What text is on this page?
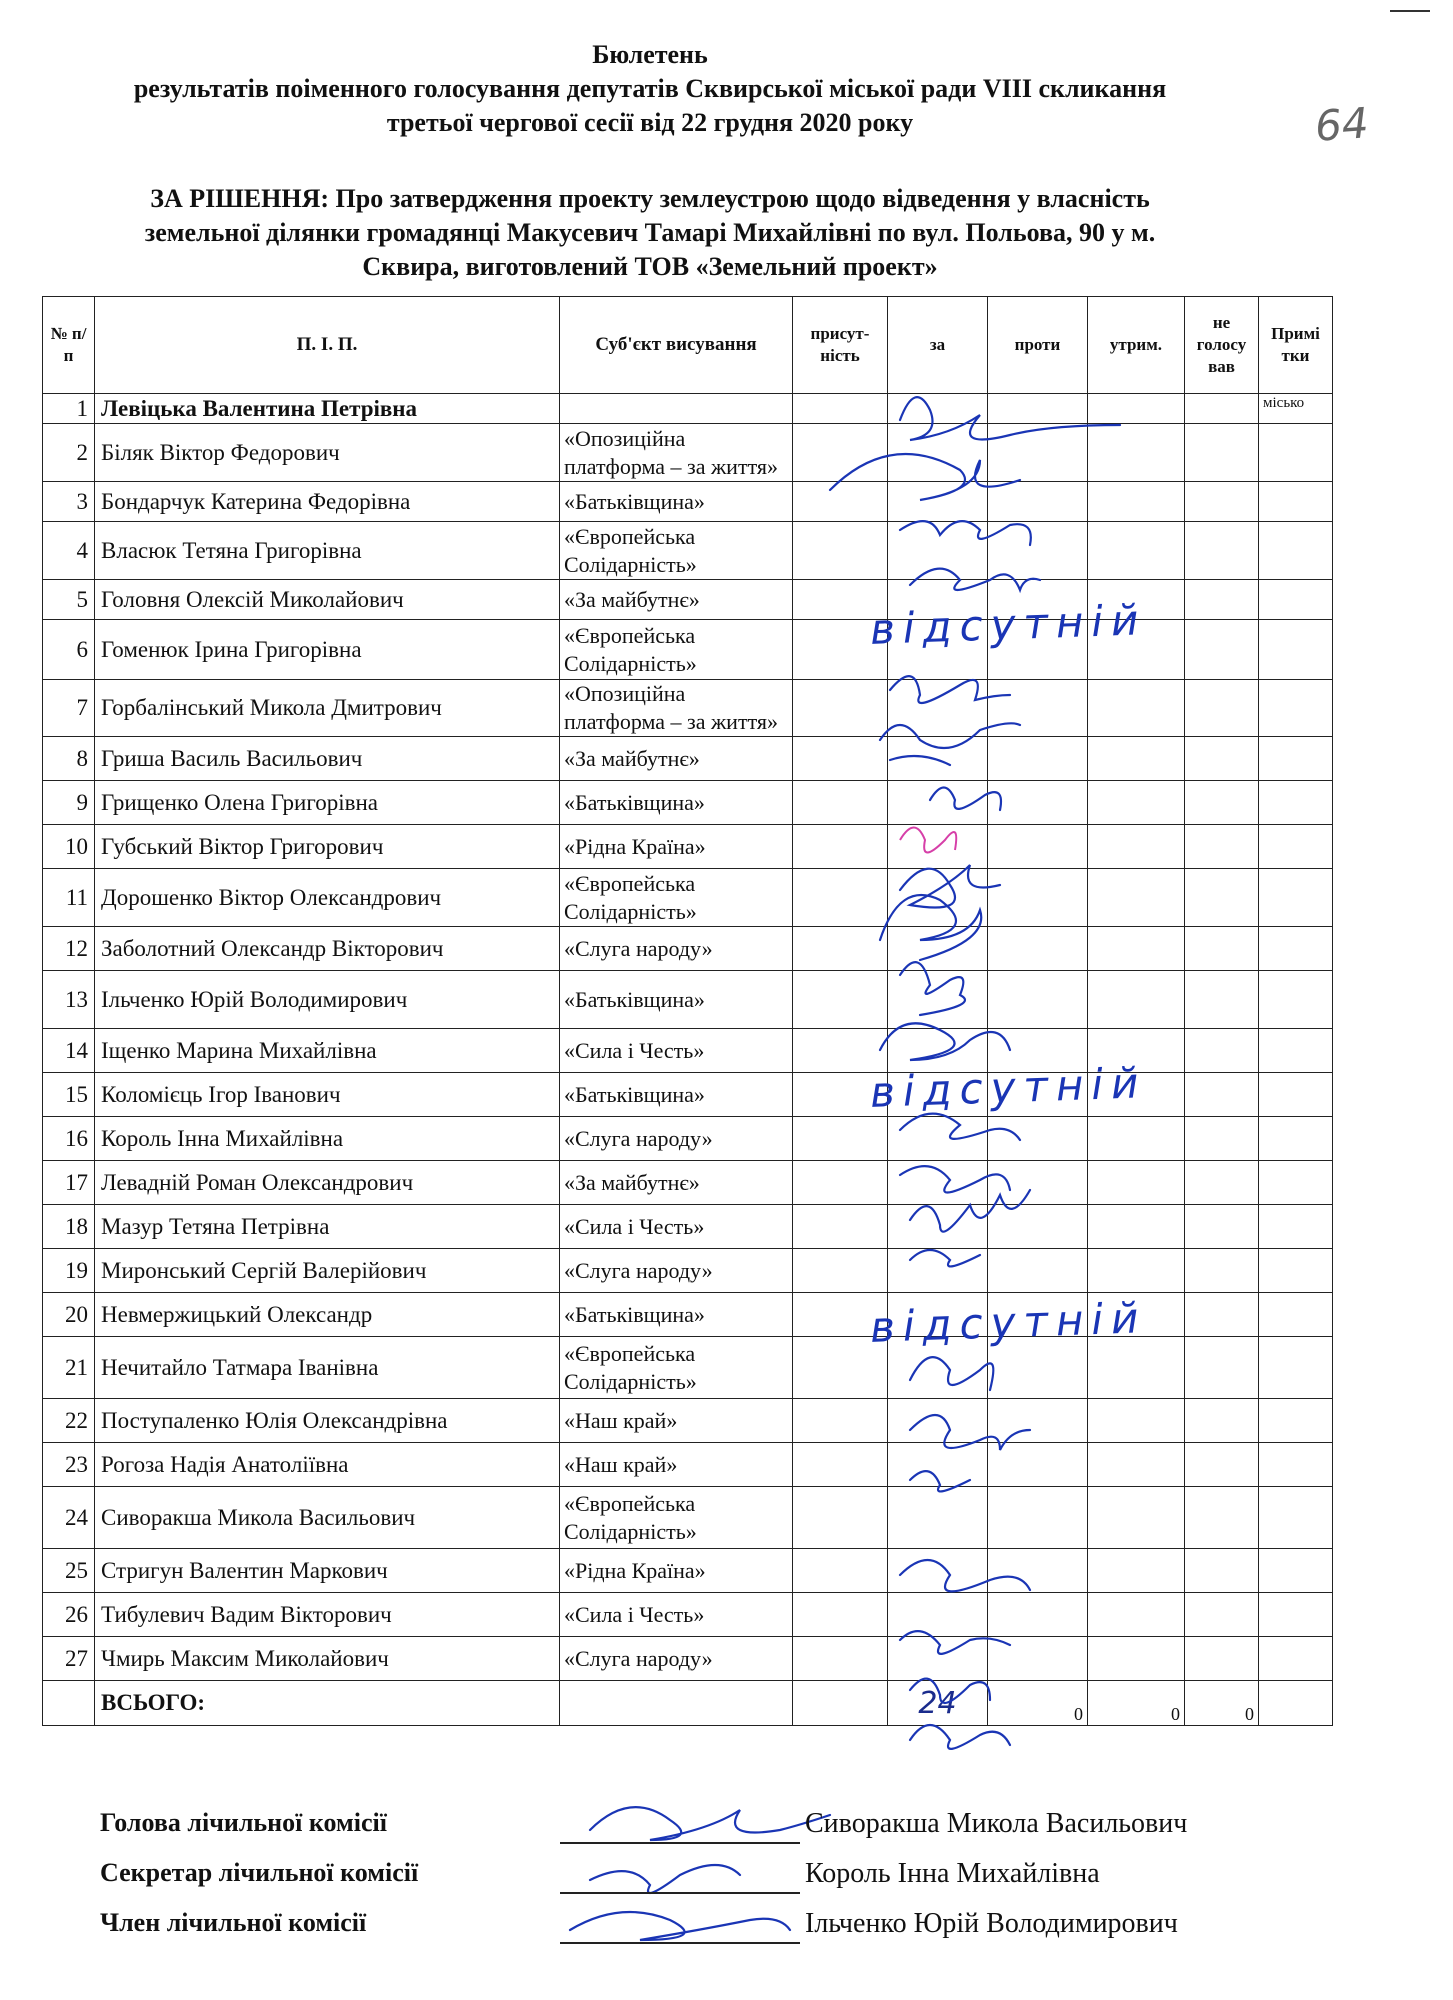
Бюлетень
результатів поіменного голосування депутатів Сквирської міської ради VIII скликання
третьої чергової сесії від 22 грудня 2020 року	64
ЗА РІШЕННЯ: Про затвердження проекту землеустрою щодо відведення у власність
земельної ділянки громадянці Макусевич Тамарі Михайлівні по вул. Польова, 90 у м.
Сквира, виготовлений ТОВ «Земельний проект»
№ п/п	П. І. П.	Суб'єкт висування	присут-ність	за	проти	утрим.	не голосу вав	Примі тки
1	Левіцька Валентина Петрівна							місько
2	Біляк Віктор Федорович	«Опозиційна платформа – за життя»						
3	Бондарчук Катерина Федорівна	«Батьківщина»						
4	Власюк Тетяна Григорівна	«Європейська Солідарність»						
5	Головня Олексій Миколайович	«За майбутнє»						
6	Гоменюк Ірина Григорівна	«Європейська Солідарність»						
7	Горбалінський Микола Дмитрович	«Опозиційна платформа – за життя»						
8	Гриша Василь Васильович	«За майбутнє»						
9	Грищенко Олена Григорівна	«Батьківщина»						
10	Губський Віктор Григорович	«Рідна Країна»						
11	Дорошенко Віктор Олександрович	«Європейська Солідарність»						
12	Заболотний Олександр Вікторович	«Слуга народу»						
13	Ільченко Юрій Володимирович	«Батьківщина»						
14	Іщенко Марина Михайлівна	«Сила і Честь»						
15	Коломієць Ігор Іванович	«Батьківщина»						
16	Король Інна Михайлівна	«Слуга народу»						
17	Левадній Роман Олександрович	«За майбутнє»						
18	Мазур Тетяна Петрівна	«Сила і Честь»						
19	Миронський Сергій Валерійович	«Слуга народу»						
20	Невмержицький Олександр	«Батьківщина»						
21	Нечитайло Татмара Іванівна	«Європейська Солідарність»						
22	Поступаленко Юлія Олександрівна	«Наш край»						
23	Рогоза Надія Анатоліївна	«Наш край»						
24	Сиворакша Микола Васильович	«Європейська Солідарність»						
25	Стригун Валентин Маркович	«Рідна Країна»						
26	Тибулевич Вадим Вікторович	«Сила і Честь»						
27	Чмирь Максим Миколайович	«Слуга народу»						
	ВСЬОГО:			24	0	0	0	
відсутній
відсутній
відсутній
Голова лічильної комісії	Сиворакша Микола Васильович
Секретар лічильної комісії	Король Інна Михайлівна
Член лічильної комісії	Ільченко Юрій Володимирович
